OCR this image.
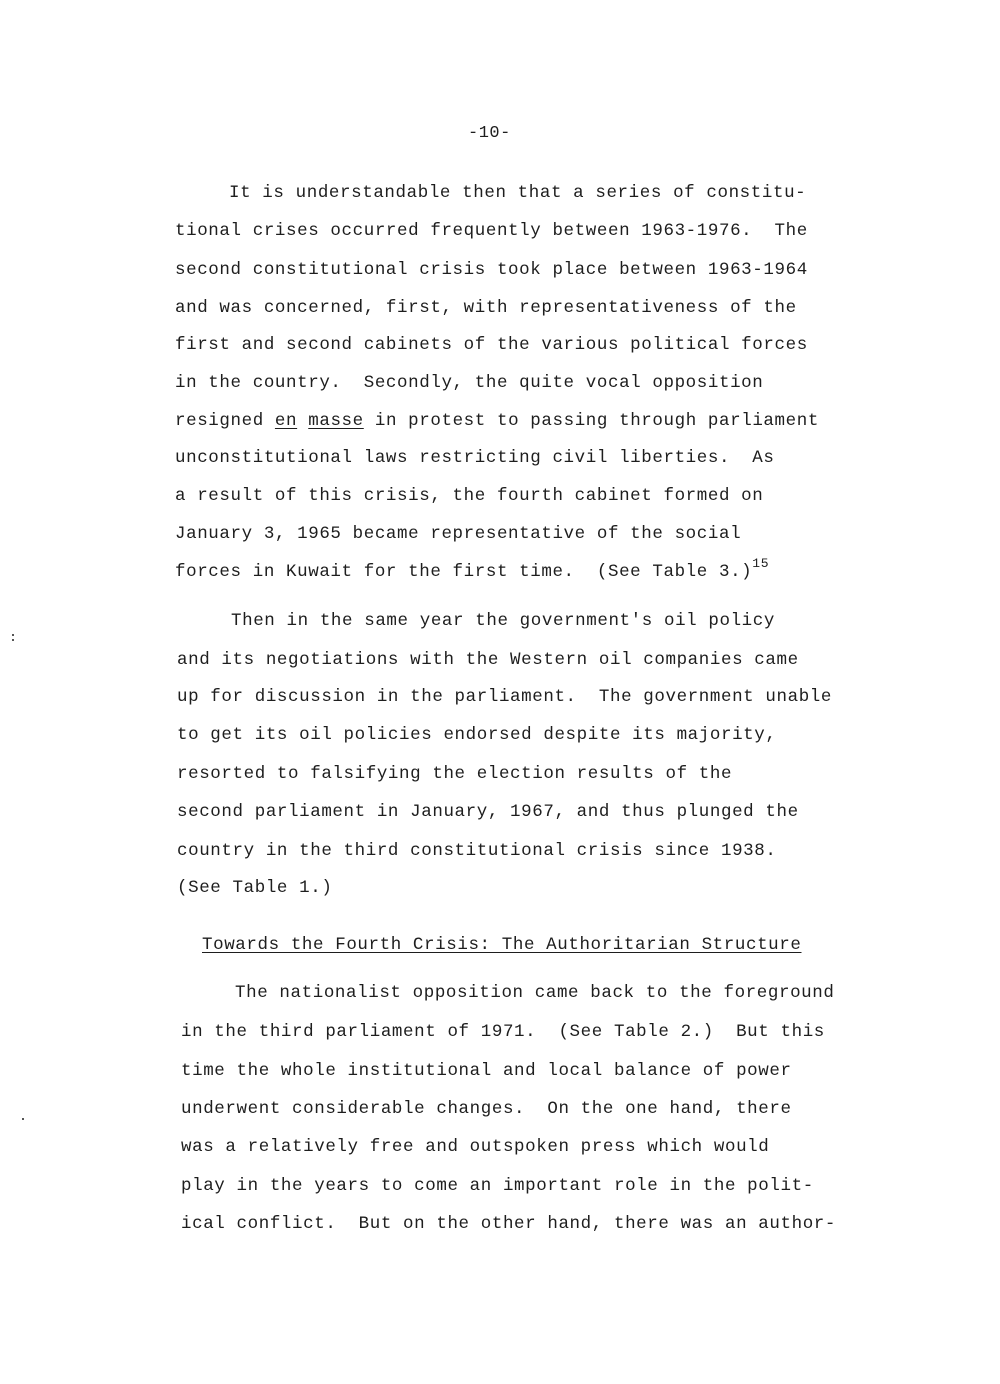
-10-
It is understandable then that a series of constitu-
tional crises occurred frequently between 1963-1976.  The
second constitutional crisis took place between 1963-1964
and was concerned, first, with representativeness of the
first and second cabinets of the various political forces
in the country.  Secondly, the quite vocal opposition
resigned en masse in protest to passing through parliament
unconstitutional laws restricting civil liberties.  As
a result of this crisis, the fourth cabinet formed on
January 3, 1965 became representative of the social
forces in Kuwait for the first time.  (See Table 3.)$^{15}$
Then in the same year the government's oil policy
and its negotiations with the Western oil companies came
up for discussion in the parliament.  The government unable
to get its oil policies endorsed despite its majority,
resorted to falsifying the election results of the
second parliament in January, 1967, and thus plunged the
country in the third constitutional crisis since 1938.
(See Table 1.)
Towards the Fourth Crisis: The Authoritarian Structure
The nationalist opposition came back to the foreground
in the third parliament of 1971.  (See Table 2.)  But this
time the whole institutional and local balance of power
underwent considerable changes.  On the one hand, there
was a relatively free and outspoken press which would
play in the years to come an important role in the polit-
ical conflict.  But on the other hand, there was an author-
